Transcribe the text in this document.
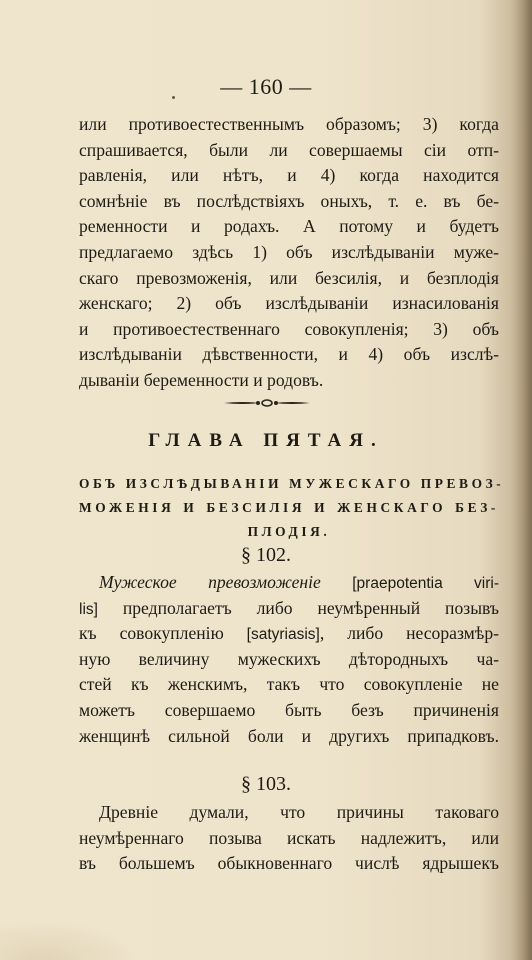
— 160 —
или противоестественнымъ образомъ; 3) когда
спрашивается, были ли совершаемы сіи отп-
равленія, или нѣтъ, и 4) когда находится
сомнѣніе въ послѣдствіяхъ оныхъ, т. е. въ бе-
ременности и родахъ. А потому и будетъ
предлагаемо здѣсь 1) объ изслѣдываніи муже-
скаго превозможенія, или безсилія, и безплодія
женскаго; 2) объ изслѣдываніи изнасилованія
и противоестественнаго совокупленія; 3) объ
изслѣдываніи дѣвственности, и 4) объ изслѣ-
дываніи беременности и родовъ.
ГЛАВА ПЯТАЯ.
ОБЪ ИЗСЛѢДЫВАНІИ МУЖЕСКАГО ПРЕВОЗ-
МОЖЕНІЯ И БЕЗСИЛІЯ И ЖЕНСКАГО БЕЗ-
ПЛОДІЯ.
§ 102.
Мужеское превозможеніе [praepotentia viri-
lis] предполагаетъ либо неумѣренный позывъ
къ совокупленію [satyriasis], либо несоразмѣр-
ную величину мужескихъ дѣтородныхъ ча-
стей къ женскимъ, такъ что совокупленіе не
можетъ совершаемо быть безъ причиненія
женщинѣ сильной боли и другихъ припадковъ.
§ 103.
Древніе думали, что причины таковаго
неумѣреннаго позыва искать надлежитъ, или
въ большемъ обыкновеннаго числѣ ядрышекъ
